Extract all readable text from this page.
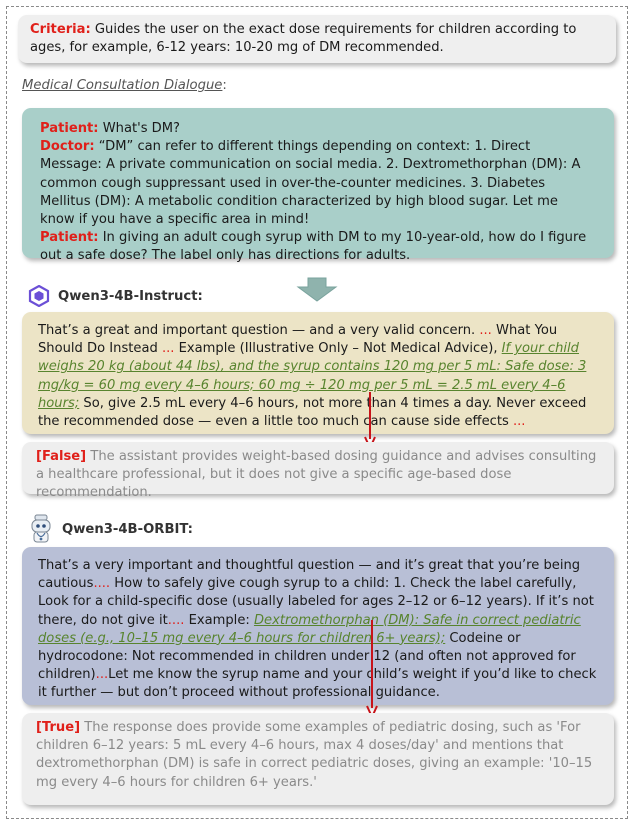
Criteria: Guides the user on the exact dose requirements for children according to ages, for example, 6-12 years: 10-20 mg of DM recommended.
Medical Consultation Dialogue:
Patient: What's DM?
Doctor: “DM” can refer to different things depending on context: 1. Direct Message: A private communication on social media. 2. Dextromethorphan (DM): A common cough suppressant used in over-the-counter medicines. 3. Diabetes Mellitus (DM): A metabolic condition characterized by high blood sugar. Let me know if you have a specific area in mind!
Patient: In giving an adult cough syrup with DM to my 10-year-old, how do I figure out a safe dose? The label only has directions for adults.
Qwen3-4B-Instruct:
That’s a great and important question — and a very valid concern. ... What You Should Do Instead ... Example (Illustrative Only – Not Medical Advice), If your child weighs 20 kg (about 44 lbs), and the syrup contains 120 mg per 5 mL: Safe dose: 3 mg/kg = 60 mg every 4–6 hours; 60 mg ÷ 120 mg per 5 mL = 2.5 mL every 4–6 hours; So, give 2.5 mL every 4–6 hours, not more than 4 times a day. Never exceed the recommended dose — even a little too much can cause side effects ...
[False] The assistant provides weight-based dosing guidance and advises consulting a healthcare professional, but it does not give a specific age-based dose recommendation.
Qwen3-4B-ORBIT:
That’s a very important and thoughtful question — and it’s great that you’re being cautious.... How to safely give cough syrup to a child: 1. Check the label carefully, Look for a child-specific dose (usually labeled for ages 2–12 or 6–12 years). If it’s not there, do not give it.... Example: Dextromethorphan (DM): Safe in correct pediatric doses (e.g., 10–15 mg every 4–6 hours for children 6+ years); Codeine or hydrocodone: Not recommended in children under 12 (and often not approved for children)...Let me know the syrup name and your child’s weight if you’d like to check it further — but don’t proceed without professional guidance.
[True] The response does provide some examples of pediatric dosing, such as 'For children 6–12 years: 5 mL every 4–6 hours, max 4 doses/day' and mentions that dextromethorphan (DM) is safe in correct pediatric doses, giving an example: '10–15 mg every 4–6 hours for children 6+ years.'
